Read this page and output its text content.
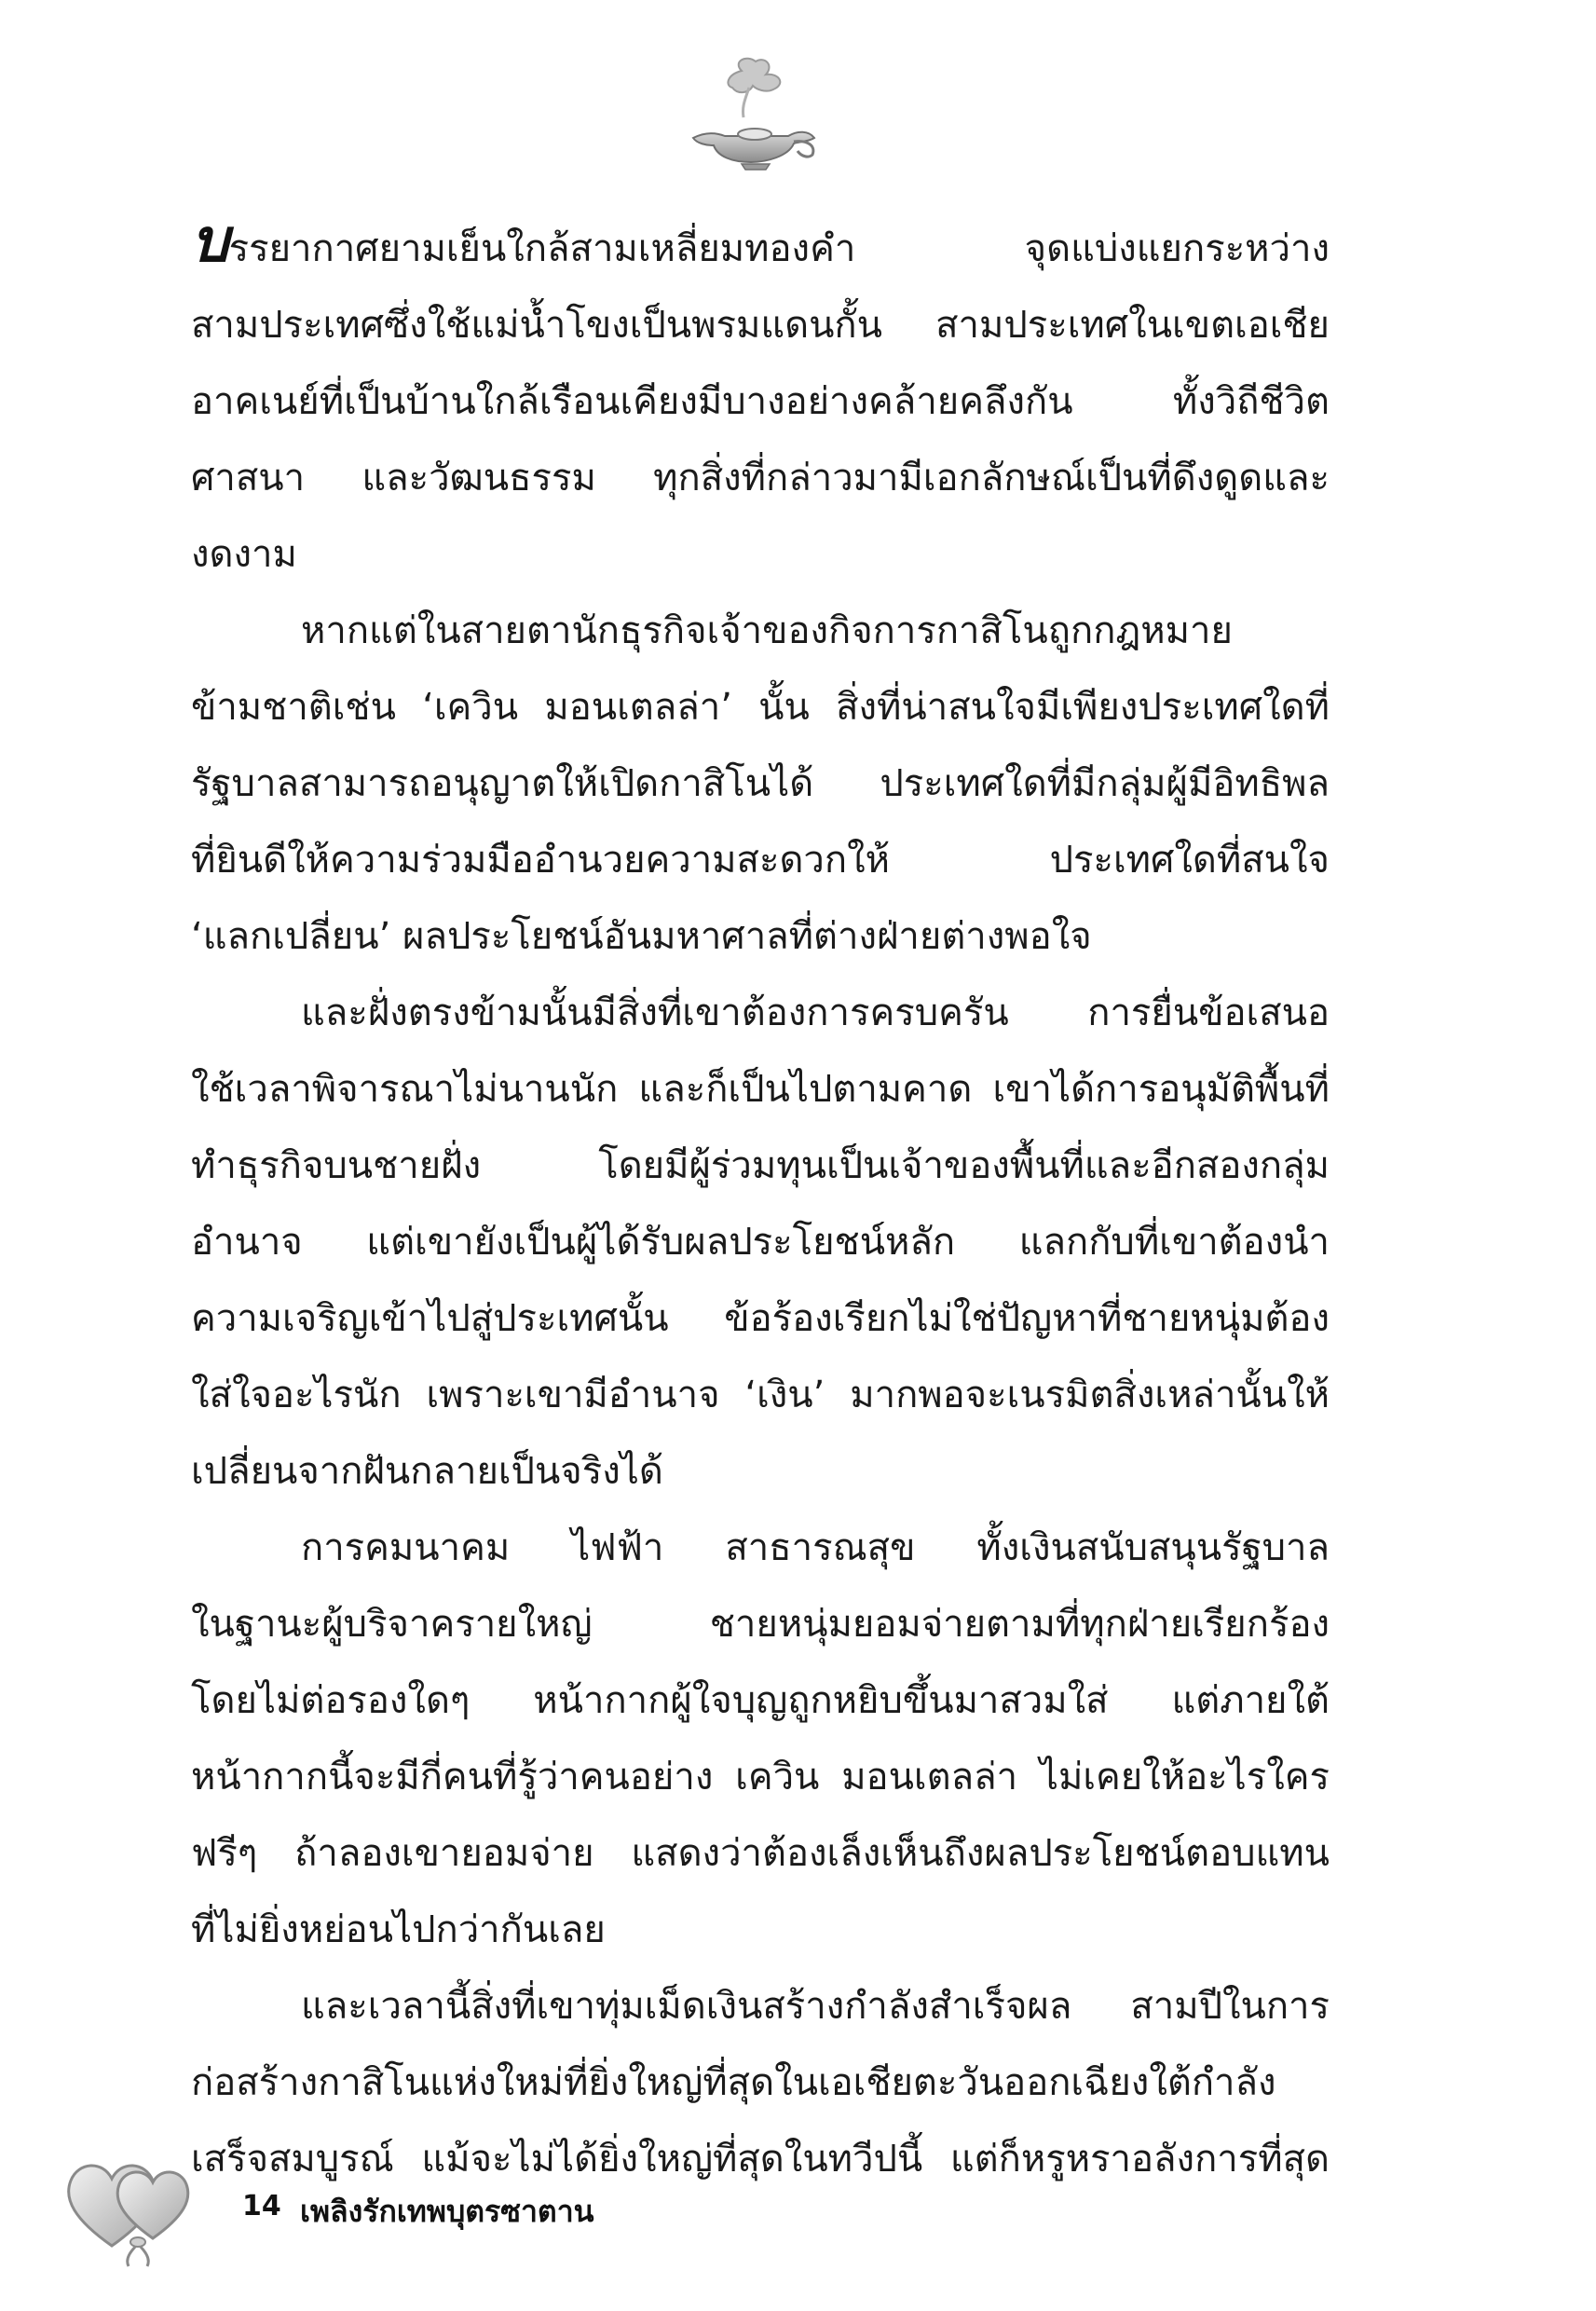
บรรยากาศยามเย็นใกล้สามเหลี่ยมทองคำ จุดแบ่งแยกระหว่าง
สามประเทศซึ่งใช้แม่น้ำโขงเป็นพรมแดนกั้น สามประเทศในเขตเอเชีย
อาคเนย์ที่เป็นบ้านใกล้เรือนเคียงมีบางอย่างคล้ายคลึงกัน ทั้งวิถีชีวิต
ศาสนา และวัฒนธรรม ทุกสิ่งที่กล่าวมามีเอกลักษณ์เป็นที่ดึงดูดและ
งดงาม
หากแต่ในสายตานักธุรกิจเจ้าของกิจการกาสิโนถูกกฎหมาย
ข้ามชาติเช่น ‘เควิน มอนเตลล่า’ นั้น สิ่งที่น่าสนใจมีเพียงประเทศใดที่
รัฐบาลสามารถอนุญาตให้เปิดกาสิโนได้ ประเทศใดที่มีกลุ่มผู้มีอิทธิพล
ที่ยินดีให้ความร่วมมืออำนวยความสะดวกให้ ประเทศใดที่สนใจ
‘แลกเปลี่ยน’ ผลประโยชน์อันมหาศาลที่ต่างฝ่ายต่างพอใจ
และฝั่งตรงข้ามนั้นมีสิ่งที่เขาต้องการครบครัน การยื่นข้อเสนอ
ใช้เวลาพิจารณาไม่นานนัก และก็เป็นไปตามคาด เขาได้การอนุมัติพื้นที่
ทำธุรกิจบนชายฝั่ง โดยมีผู้ร่วมทุนเป็นเจ้าของพื้นที่และอีกสองกลุ่ม
อำนาจ แต่เขายังเป็นผู้ได้รับผลประโยชน์หลัก แลกกับที่เขาต้องนำ
ความเจริญเข้าไปสู่ประเทศนั้น ข้อร้องเรียกไม่ใช่ปัญหาที่ชายหนุ่มต้อง
ใส่ใจอะไรนัก เพราะเขามีอำนาจ ‘เงิน’ มากพอจะเนรมิตสิ่งเหล่านั้นให้
เปลี่ยนจากฝันกลายเป็นจริงได้
การคมนาคม ไฟฟ้า สาธารณสุข ทั้งเงินสนับสนุนรัฐบาล
ในฐานะผู้บริจาครายใหญ่ ชายหนุ่มยอมจ่ายตามที่ทุกฝ่ายเรียกร้อง
โดยไม่ต่อรองใดๆ หน้ากากผู้ใจบุญถูกหยิบขึ้นมาสวมใส่ แต่ภายใต้
หน้ากากนี้จะมีกี่คนที่รู้ว่าคนอย่าง เควิน มอนเตลล่า ไม่เคยให้อะไรใคร
ฟรีๆ ถ้าลองเขายอมจ่าย แสดงว่าต้องเล็งเห็นถึงผลประโยชน์ตอบแทน
ที่ไม่ยิ่งหย่อนไปกว่ากันเลย
และเวลานี้สิ่งที่เขาทุ่มเม็ดเงินสร้างกำลังสำเร็จผล สามปีในการ
ก่อสร้างกาสิโนแห่งใหม่ที่ยิ่งใหญ่ที่สุดในเอเชียตะวันออกเฉียงใต้กำลัง
เสร็จสมบูรณ์ แม้จะไม่ได้ยิ่งใหญ่ที่สุดในทวีปนี้ แต่ก็หรูหราอลังการที่สุด
14 เพลิงรักเทพบุตรซาตาน
